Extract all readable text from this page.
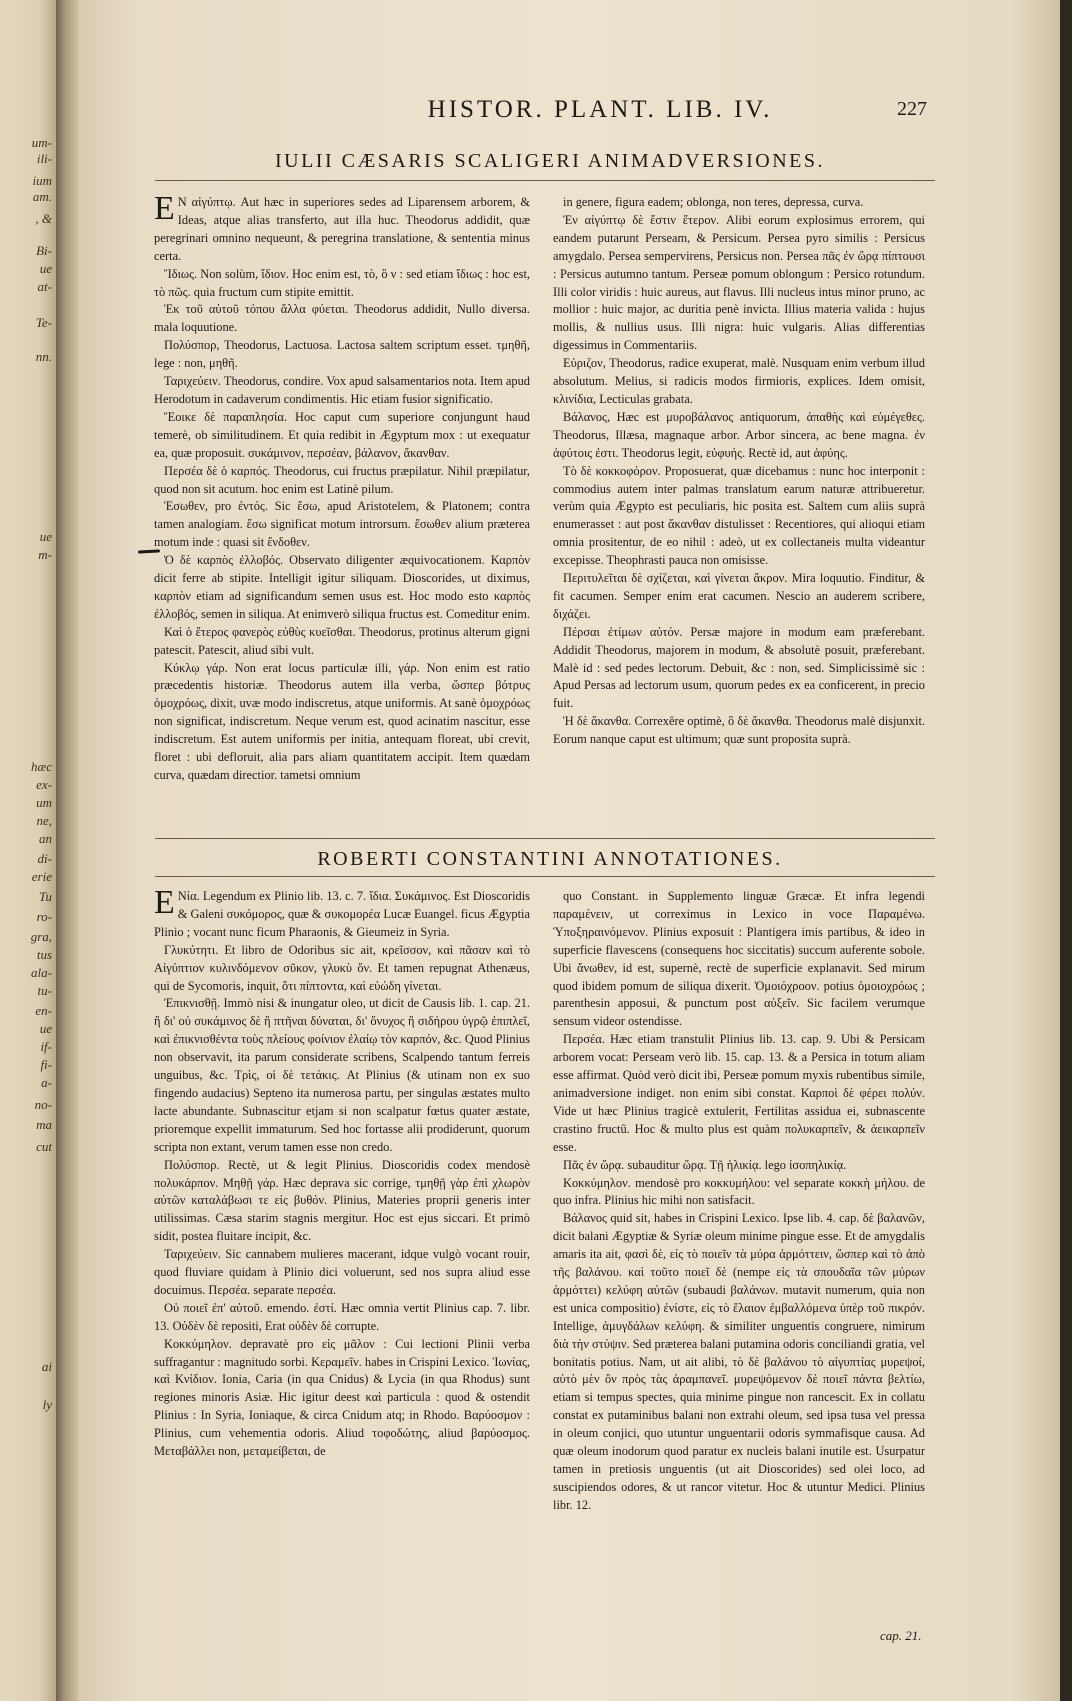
um-
ili-
ium
am.
, &
Bi-
ue
at-
Te-
nn.
ue
m-
hæc
ex-
um
ne,
an
di-
erie
Tu
ro-
gra,
tus
ala-
tu-
en-
ue
if-
fi-
a-
no-
ma
cut
ai
ly
HISTOR. PLANT. LIB. IV.	227
IULII CÆSARIS SCALIGERI ANIMADVERSIONES.

EN αἰγύπτῳ. Aut hæc in superiores sedes ad Liparensem arborem, & Ideas, atque alias transferto, aut illa huc. Theodorus addidit, quæ peregrinari omnino nequeunt, & peregrina translatione, & sententia minus certa.

Ἴδιως. Non solùm, ἴδιον. Hoc enim est, τὸ, ὃ ν : sed etiam ἴδιως : hoc est, τὸ πῶς. quia fructum cum stipite emittit.

Ἐκ τοῦ αὐτοῦ τόπου ἄλλα φύεται. Theodorus addidit, Nullo diversa. mala loquutione.

Πολύσπορ, Theodorus, Lactuosa. Lactosa saltem scriptum esset. τμηθῆ, lege : non, μηθῆ.

Ταριχεύειν. Theodorus, condire. Vox apud salsamentarios nota. Item apud Herodotum in cadaverum condimentis. Hic etiam fusior significatio.

Ἔοικε δὲ παραπλησία. Hoc caput cum superiore conjungunt haud temerè, ob similitudinem. Et quia redibit in Ægyptum mox : ut exequatur ea, quæ proposuit. συκάμινον, περσέαν, βάλανον, ἄκανθαν.

Περσέα δὲ ὁ καρπός. Theodorus, cui fructus præpilatur. Nihil præpilatur, quod non sit acutum. hoc enim est Latinè pilum.

Ἐσωθεν, pro ἐντός. Sic ἔσω, apud Aristotelem, & Platonem; contra tamen analogiam. ἔσω significat motum introrsum. ἔσωθεν alium præterea motum inde : quasi sit ἔνδοθεν.

Ὁ δὲ καρπὸς ἐλλοβός. Observato diligenter æquivocationem. Καρπὸν dicit ferre ab stipite. Intelligit igitur siliquam. Dioscorides, ut diximus, καρπὸν etiam ad significandum semen usus est. Hoc modo esto καρπὸς ἐλλοβός, semen in siliqua. At enimverò siliqua fructus est. Comeditur enim.

Καὶ ὁ ἕτερος φανερὸς εὐθὺς κυεῖσθαι. Theodorus, protinus alterum gigni patescit. Patescit, aliud sibi vult.

Κύκλῳ γάρ. Non erat locus particulæ illi, γάρ. Non enim est ratio præcedentis historiæ. Theodorus autem illa verba, ὥσπερ βότρυς ὁμοχρόως, dixit, uvæ modo indiscretus, atque uniformis. At sanè ὁμοχρόως non significat, indiscretum. Neque verum est, quod acinatim nascitur, esse indiscretum. Est autem uniformis per initia, antequam floreat, ubi crevit, floret : ubi defloruit, alia pars aliam quantitatem accipit. Item quædam curva, quædam directior. tametsi omnium

in genere, figura eadem; oblonga, non teres, depressa, curva.

Ἐν αἰγύπτῳ δὲ ἔστιν ἕτερον. Alibi eorum explosimus errorem, qui eandem putarunt Perseam, & Persicum. Persea pyro similis : Persicus amygdalo. Persea sempervirens, Persicus non. Persea πᾶς ἐν ὥρᾳ πίπτουσι : Persicus autumno tantum. Perseæ pomum oblongum : Persico rotundum. Illi color viridis : huic aureus, aut flavus. Illi nucleus intus minor pruno, ac mollior : huic major, ac duritia penè invicta. Illius materia valida : hujus mollis, & nullius usus. Illi nigra: huic vulgaris. Alias differentias digessimus in Commentariis.

Εὐριζον, Theodorus, radice exuperat, malè. Nusquam enim verbum illud absolutum. Melius, si radicis modos firmioris, explices. Idem omisit, κλινίδια, Lecticulas grabata.

Βάλανος, Hæc est μυροβάλανος antiquorum, ἀπαθὴς καὶ εὐμέγεθες. Theodorus, Illæsa, magnaque arbor. Arbor sincera, ac bene magna. ἐν ἀφύτοις ἐστι. Theodorus legit, εὐφυής. Rectè id, aut ἀφύης.

Τὸ δὲ κοκκοφόρον. Proposuerat, quæ dicebamus : nunc hoc interponit : commodius autem inter palmas translatum earum naturæ attribueretur. verùm quia Ægypto est peculiaris, hic posita est. Saltem cum aliis suprà enumerasset : aut post ἄκανθαν distulisset : Recentiores, qui alioqui etiam omnia prositentur, de eo nihil : adeò, ut ex collectaneis multa videantur excepisse. Theophrasti pauca non omisisse.

Περιτυλεῖται δὲ σχίζεται, καὶ γίνεται ἄκρον. Mira loquutio. Finditur, & fit cacumen. Semper enim erat cacumen. Nescio an auderem scribere, διχάζει.

Πέρσαι ἐτίμων αὐτόν. Persæ majore in modum eam præferebant. Addidit Theodorus, majorem in modum, & absolutè posuit, præferebant. Malè id : sed pedes lectorum. Debuit, &c : non, sed. Simplicissimè sic : Apud Persas ad lectorum usum, quorum pedes ex ea conficerent, in precio fuit.

Ἡ δὲ ἄκανθα. Correxêre optimè, ὃ δὲ ἄκανθα. Theodorus malè disjunxit. Eorum nanque caput est ultimum; quæ sunt proposita suprà.

ROBERTI CONSTANTINI ANNOTATIONES.

ENία. Legendum ex Plinio lib. 13. c. 7. ἴδια. Συκάμινος. Est Dioscoridis & Galeni συκόμορος, quæ & συκομορέα Lucæ Euangel. ficus Ægyptia Plinio ; vocant nunc ficum Pharaonis, & Gieumeiz in Syria.

Γλυκύτητι. Et libro de Odoribus sic ait, κρεῖσσον, καὶ πᾶσαν καὶ τὸ Αἰγύπτιον κυλινδόμενον σῦκον, γλυκὺ ὄν. Et tamen repugnat Athenæus, qui de Sycomoris, inquit, ὅτι πίπτοντα, καὶ εὐώδη γίνεται.

Ἐπικνισθῇ. Immò nisi & inungatur oleo, ut dicit de Causis lib. 1. cap. 21. ἢ δι' οὐ συκάμινος δὲ ἢ πτῆναι δύναται, δι' ὄνυχος ἢ σιδήρου ὑγρῷ ἐπιπλεῖ, καὶ ἐπικνισθέντα τοὺς πλείους φοίνιον ἐλαίῳ τὸν καρπόν, &c. Quod Plinius non observavit, ita parum considerate scribens, Scalpendo tantum ferreis unguibus, &c. Τρὶς, οἱ δὲ τετάκις. At Plinius (& utinam non ex suo fingendo audacius) Septeno ita numerosa partu, per singulas æstates multo lacte abundante. Subnascitur etjam si non scalpatur fœtus quater æstate, prioremque expellit immaturum. Sed hoc fortasse alii prodiderunt, quorum scripta non extant, verum tamen esse non credo.

Πολύσπορ. Rectè, ut & legit Plinius. Dioscoridis codex mendosè πολυκάρπον. Μηθῇ γάρ. Hæc deprava sic corrige, τμηθῇ γὰρ ἐπὶ χλωρὸν αὐτῶν καταλάβωσι τε εἰς βυθόν. Plinius, Materies proprii generis inter utilissimas. Cæsa starim stagnis mergitur. Hoc est ejus siccari. Et primò sidit, postea fluitare incipit, &c.

Ταριχεύειν. Sic cannabem mulieres macerant, idque vulgò vocant rouir, quod fluviare quidam à Plinio dici voluerunt, sed nos supra aliud esse docuimus. Περσέα. separate περσέα.

Οὐ ποιεῖ ἐπ' αὐτοῦ. emendo. ἐστί. Hæc omnia vertit Plinius cap. 7. libr. 13. Οὐδὲν δὲ repositi, Erat οὐδὲν δὲ corrupte.

Κοκκύμηλον. depravatè pro εἰς μᾶλον : Cui lectioni Plinii verba suffragantur : magnitudo sorbi. Κεραμεῖν. habes in Crispini Lexico. Ἰωνίας, καὶ Κνίδιον. Ionia, Caria (in qua Cnidus) & Lycia (in qua Rhodus) sunt regiones minoris Asiæ. Hic igitur deest καὶ particula : quod & ostendit Plinius : In Syria, Ioniaque, & circa Cnidum atq; in Rhodo. Βαρύοσμον : Plinius, cum vehementia odoris. Aliud τοφοδώτης, aliud βαρύοσμος. Μεταβάλλει non, μεταμείβεται, de

quo Constant. in Supplemento linguæ Græcæ. Et infra legendi παραμένειν, ut correximus in Lexico in voce Παραμένω. Ὑποξηραινόμενον. Plinius exposuit : Plantigera imis partibus, & ideo in superficie flavescens (consequens hoc siccitatis) succum auferente sobole. Ubi ἄνωθεν, id est, supernè, rectè de superficie explanavit. Sed mirum quod ibidem pomum de siliqua dixerit. Ὁμοιόχροον. potius ὁμοιοχρόως ; parenthesin apposui, & punctum post αὐξεῖν. Sic facilem verumque sensum videor ostendisse.

Περσέα. Hæc etiam transtulit Plinius lib. 13. cap. 9. Ubi & Persicam arborem vocat: Perseam verò lib. 15. cap. 13. & a Persica in totum aliam esse affirmat. Quòd verò dicit ibi, Perseæ pomum myxis rubentibus simile, animadversione indiget. non enim sibi constat. Καρποὶ δὲ φέρει πολύν. Vide ut hæc Plinius tragicè extulerit, Fertilitas assidua ei, subnascente crastino fructû. Hoc & multo plus est quàm πολυκαρπεῖν, & ἀεικαρπεῖν esse.

Πᾶς ἐν ὥρᾳ. subauditur ὥρᾳ. Τῇ ἡλικίᾳ. lego ἰσοπηλικίᾳ.

Κοκκύμηλον. mendosè pro κοκκυμήλου: vel separate κοκκὴ μήλου. de quo infra. Plinius hic mihi non satisfacit.

Βάλανος quid sit, habes in Crispini Lexico. Ipse lib. 4. cap. δὲ βαλανῶν, dicit balani Ægyptiæ & Syriæ oleum minime pingue esse. Et de amygdalis amaris ita ait, φασὶ δὲ, εἰς τὸ ποιεῖν τὰ μύρα ἁρμόττειν, ὥσπερ καὶ τὸ ἀπὸ τῆς βαλάνου. καὶ τοῦτο ποιεῖ δὲ (nempe εἰς τὰ σπουδαῖα τῶν μύρων ἁρμόττει) κελύφη αὐτῶν (subaudi βαλάνων. mutavit numerum, quia non est unica compositio) ἐνίστε, εἰς τὸ ἔλαιον ἐμβαλλόμενα ὑπὲρ τοῦ πικρόν. Intellige, ἀμυγδάλων κελύφη. & similiter unguentis congruere, nimirum διὰ τὴν στύψιν. Sed præterea balani putamina odoris conciliandi gratia, vel bonitatis potius. Nam, ut ait alibi, τὸ δὲ βαλάνου τὸ αἰγυπτίας μυρεψοί, αὐτὸ μὲν ὂν πρὸς τὰς ἀραμπανεῖ. μυρεψόμενον δὲ ποιεῖ πάντα βελτίω, etiam si tempus spectes, quia minime pingue non rancescit. Ex in collatu constat ex putaminibus balani non extrahi oleum, sed ipsa tusa vel pressa in oleum conjici, quo utuntur unguentarii odoris symmafisque causa. Ad quæ oleum inodorum quod paratur ex nucleis balani inutile est. Usurpatur tamen in pretiosis unguentis (ut ait Dioscorides) sed olei loco, ad suscipiendos odores, & ut rancor vitetur. Hoc & utuntur Medici. Plinius libr. 12.

cap. 21.
